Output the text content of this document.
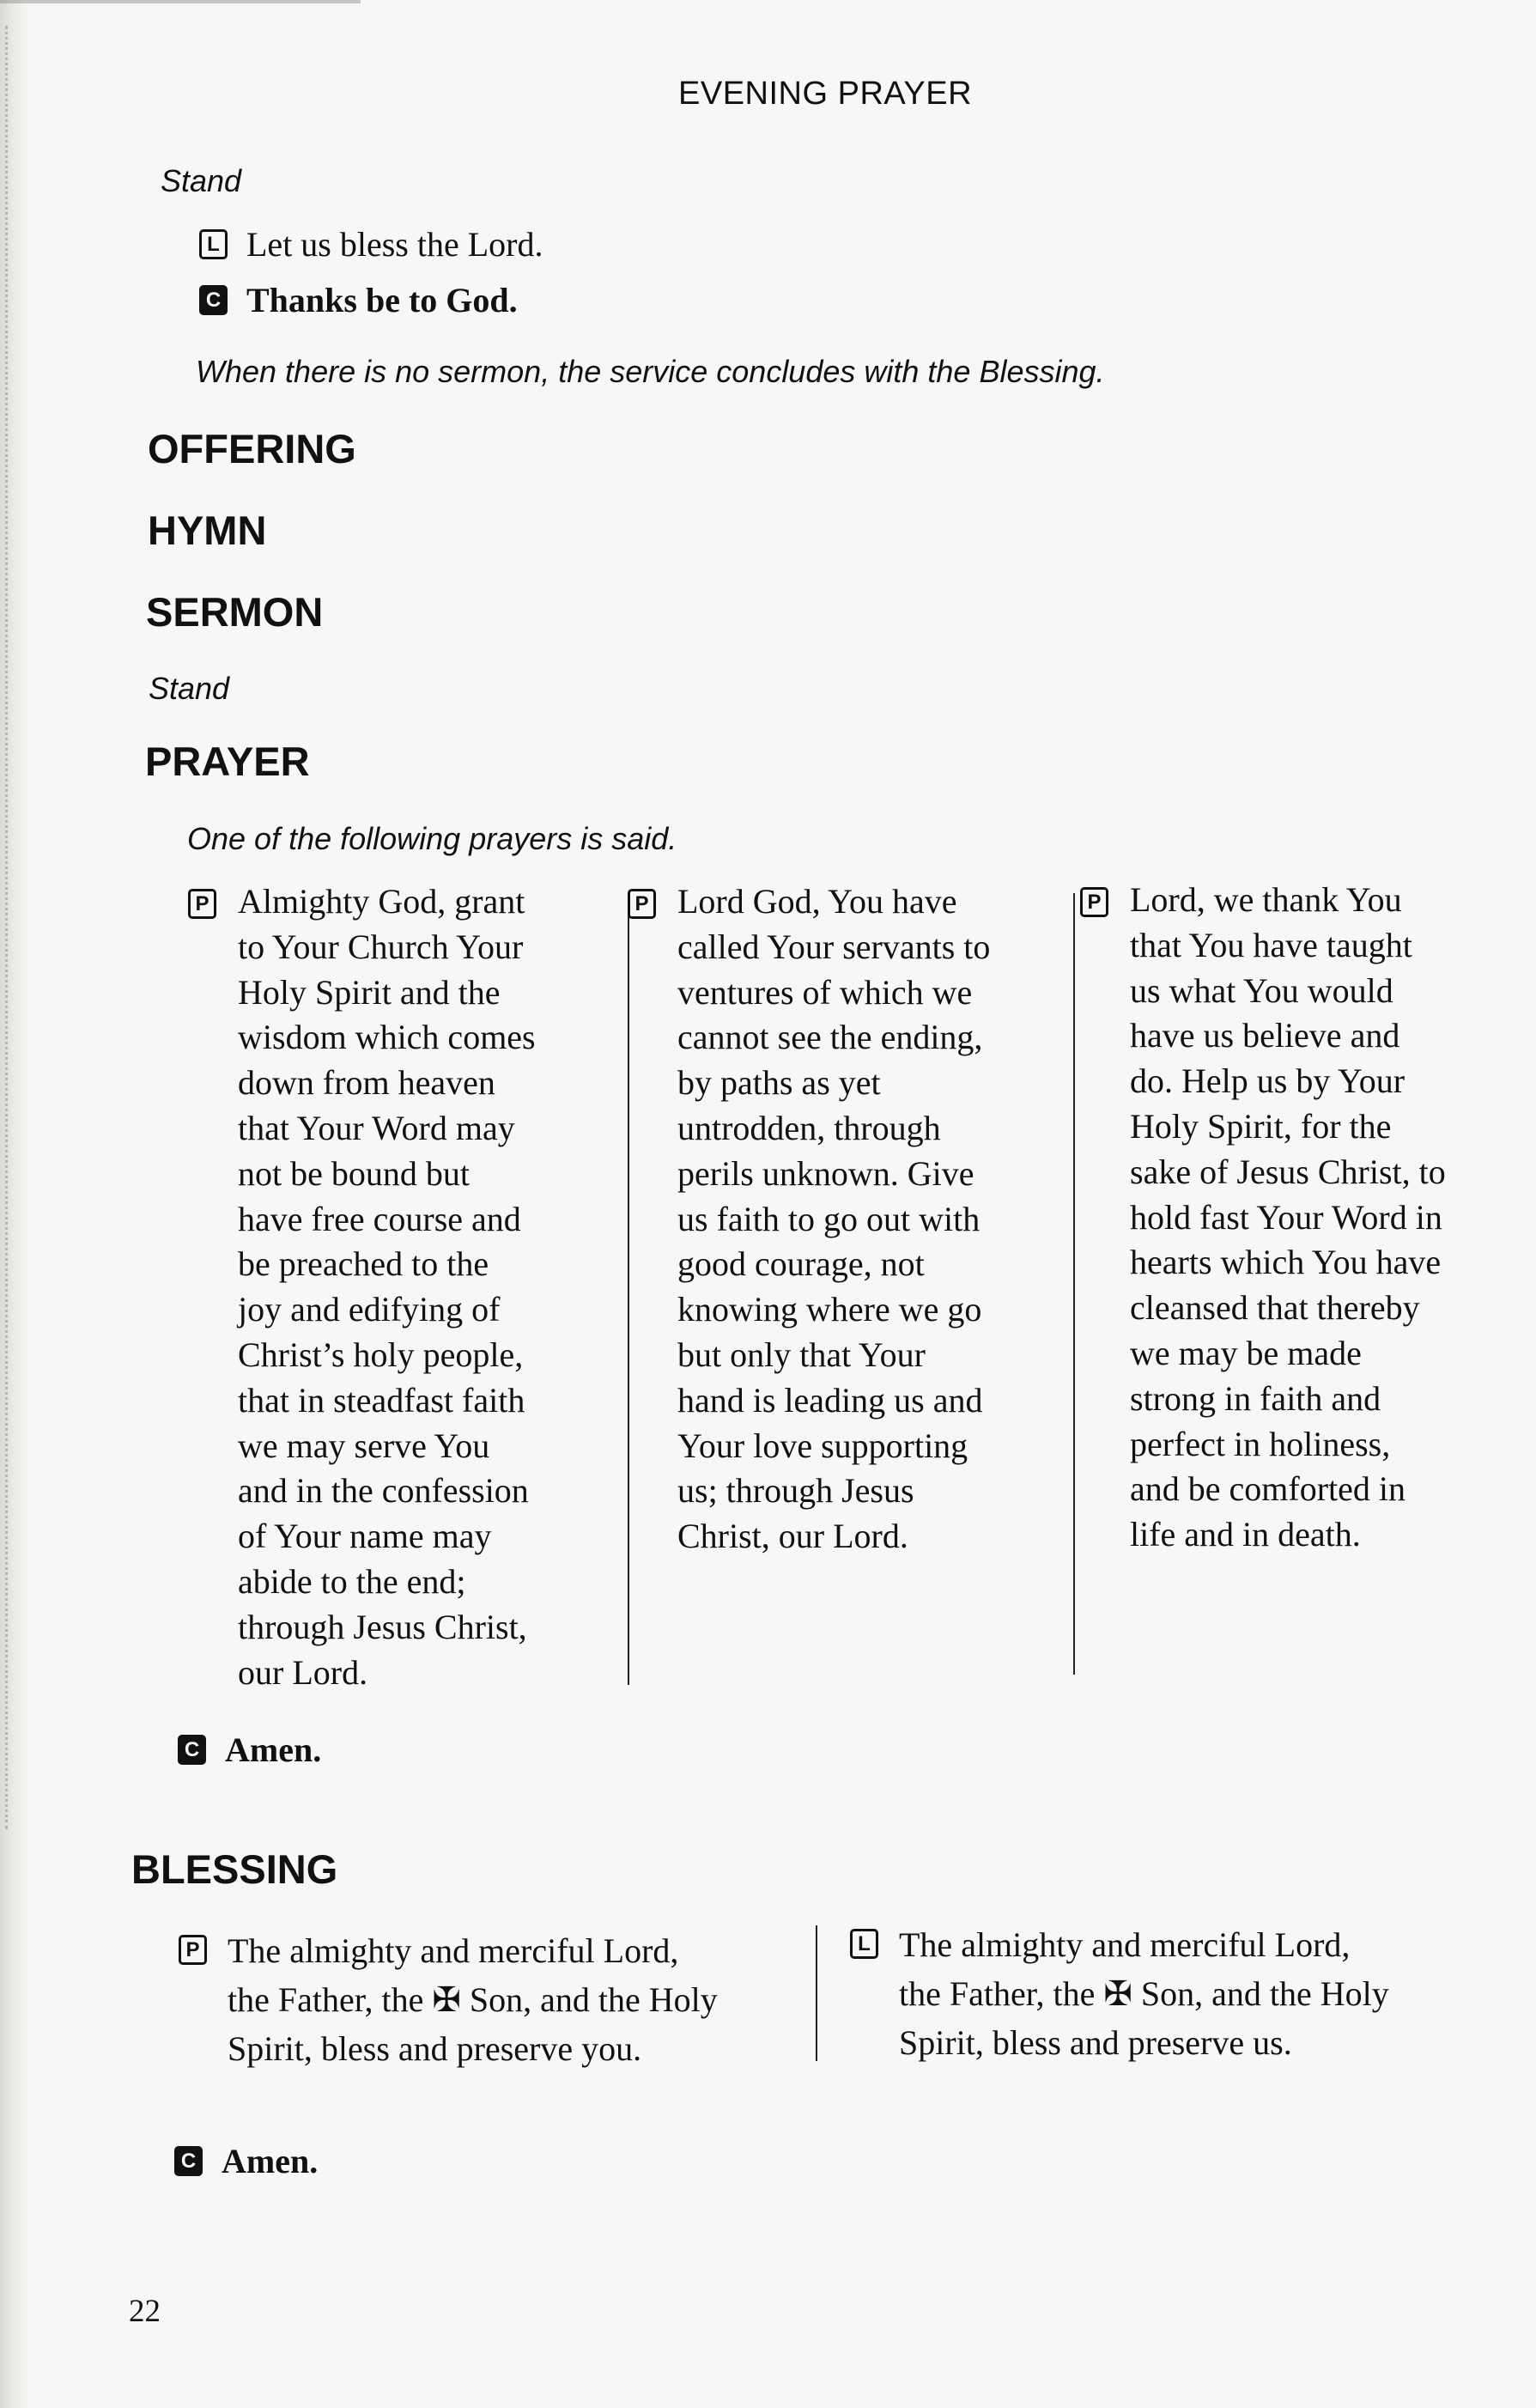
EVENING PRAYER
Stand
L Let us bless the Lord.
C Thanks be to God.
When there is no sermon, the service concludes with the Blessing.
OFFERING
HYMN
SERMON
Stand
PRAYER
One of the following prayers is said.
P Almighty God, grant
to Your Church Your
Holy Spirit and the
wisdom which comes
down from heaven
that Your Word may
not be bound but
have free course and
be preached to the
joy and edifying of
Christ’s holy people,
that in steadfast faith
we may serve You
and in the confession
of Your name may
abide to the end;
through Jesus Christ,
our Lord.
P Lord God, You have
called Your servants to
ventures of which we
cannot see the ending,
by paths as yet
untrodden, through
perils unknown. Give
us faith to go out with
good courage, not
knowing where we go
but only that Your
hand is leading us and
Your love supporting
us; through Jesus
Christ, our Lord.
P Lord, we thank You
that You have taught
us what You would
have us believe and
do. Help us by Your
Holy Spirit, for the
sake of Jesus Christ, to
hold fast Your Word in
hearts which You have
cleansed that thereby
we may be made
strong in faith and
perfect in holiness,
and be comforted in
life and in death.
C Amen.
BLESSING
P The almighty and merciful Lord,
the Father, the ✠ Son, and the Holy
Spirit, bless and preserve you.
L The almighty and merciful Lord,
the Father, the ✠ Son, and the Holy
Spirit, bless and preserve us.
C Amen.
22
